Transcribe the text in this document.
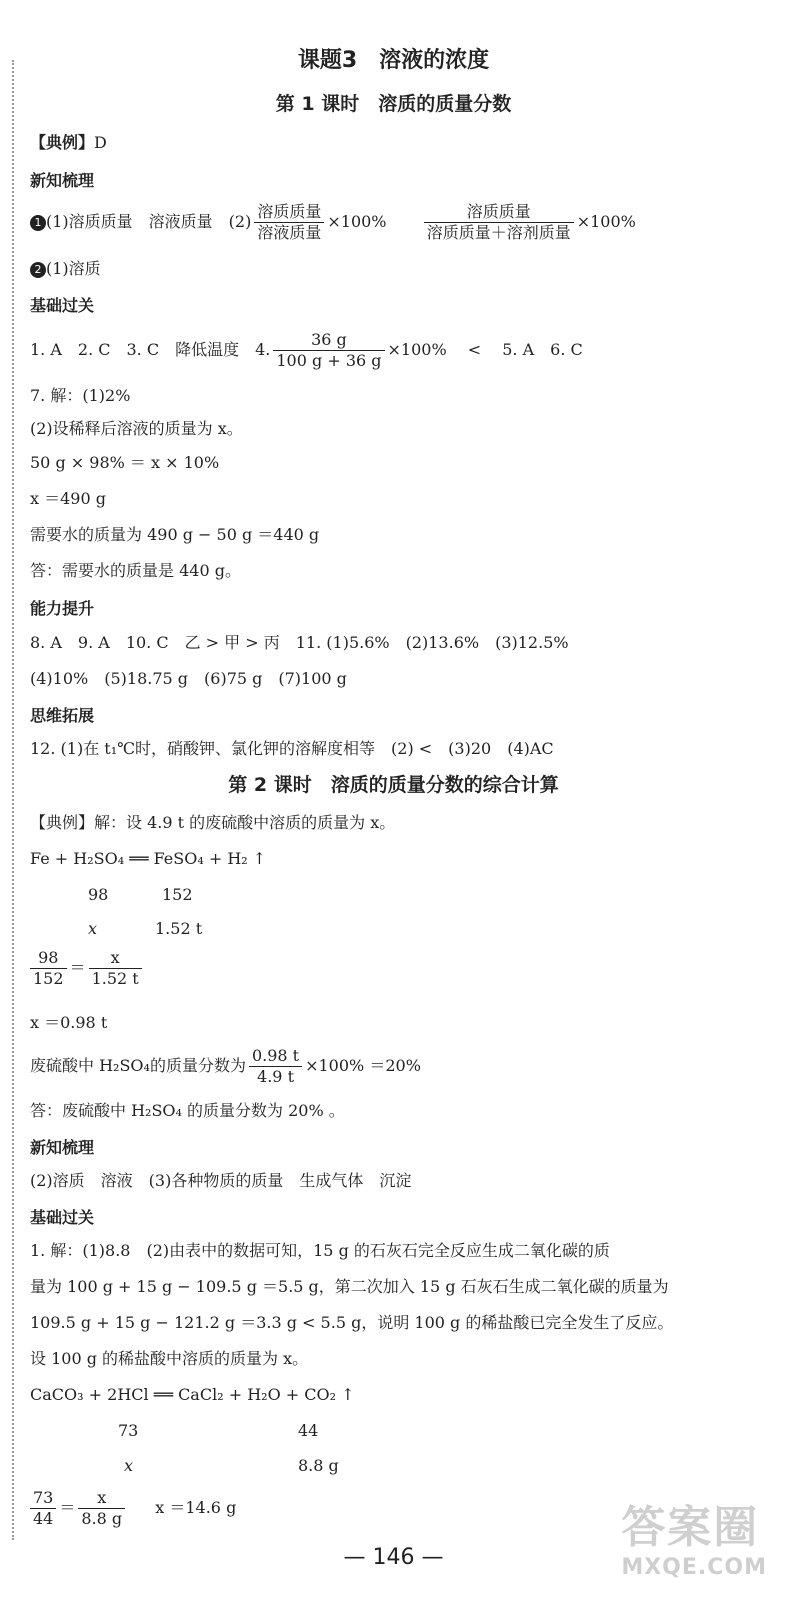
课题3　溶液的浓度
第 1 课时　溶质的质量分数
【典例】D
新知梳理
1 (1)溶质质量　溶液质量　$(2) \frac{\text{溶质质量}}{\text{溶液质量}} \times 100\% \frac{\text{溶质质量}}{\text{溶质质量＋溶剂质量}} \times 100\%$
2 (1)溶质
基础过关
1. A　2. C　3. C　降低温度　4. $\frac{36 g}{100 g + 36 g} \times 100\%$　 <　 5. A　6. C
7. 解：(1)2%
(2)设稀释后溶液的质量为 x。
50 g × 98% ＝ x × 10%
x ＝490 g
需要水的质量为 490 g − 50 g ＝440 g
答：需要水的质量是 440 g。
能力提升
8. A　9. A　10. C　乙 > 甲 > 丙　11. (1)5.6%　(2)13.6%　(3)12.5%
(4)10%　(5)18.75 g　(6)75 g　(7)100 g
思维拓展
12. (1)在 t₁℃时，硝酸钾、氯化钾的溶解度相等　(2) <　(3)20　(4)AC
第 2 课时　溶质的质量分数的综合计算
【典例】解：设 4.9 t 的废硫酸中溶质的质量为 x。
Fe + H₂SO₄ ══ FeSO₄ + H₂ ↑
98	152
x	1.52 t
$\frac{98}{152} = \frac{x}{1.52 t}$
x ＝0.98 t
废硫酸中 H₂SO₄的质量分数为 $\frac{0.98 t}{4.9 t} \times 100\% =20\%$
答：废硫酸中 H₂SO₄ 的质量分数为 20% 。
新知梳理
(2)溶质　溶液　(3)各种物质的质量　生成气体　沉淀
基础过关
1. 解：(1)8.8　(2)由表中的数据可知，15 g 的石灰石完全反应生成二氧化碳的质
量为 100 g + 15 g − 109.5 g ＝5.5 g，第二次加入 15 g 石灰石生成二氧化碳的质量为
109.5 g + 15 g − 121.2 g ＝3.3 g < 5.5 g，说明 100 g 的稀盐酸已完全发生了反应。
设 100 g 的稀盐酸中溶质的质量为 x。
CaCO₃ + 2HCl ══ CaCl₂ + H₂O + CO₂ ↑
73	44
x	8.8 g
$\frac{73}{44} = \frac{x}{8.8 g}$ x ＝14.6 g
— 146 —
答案圈
MXQE.COM
